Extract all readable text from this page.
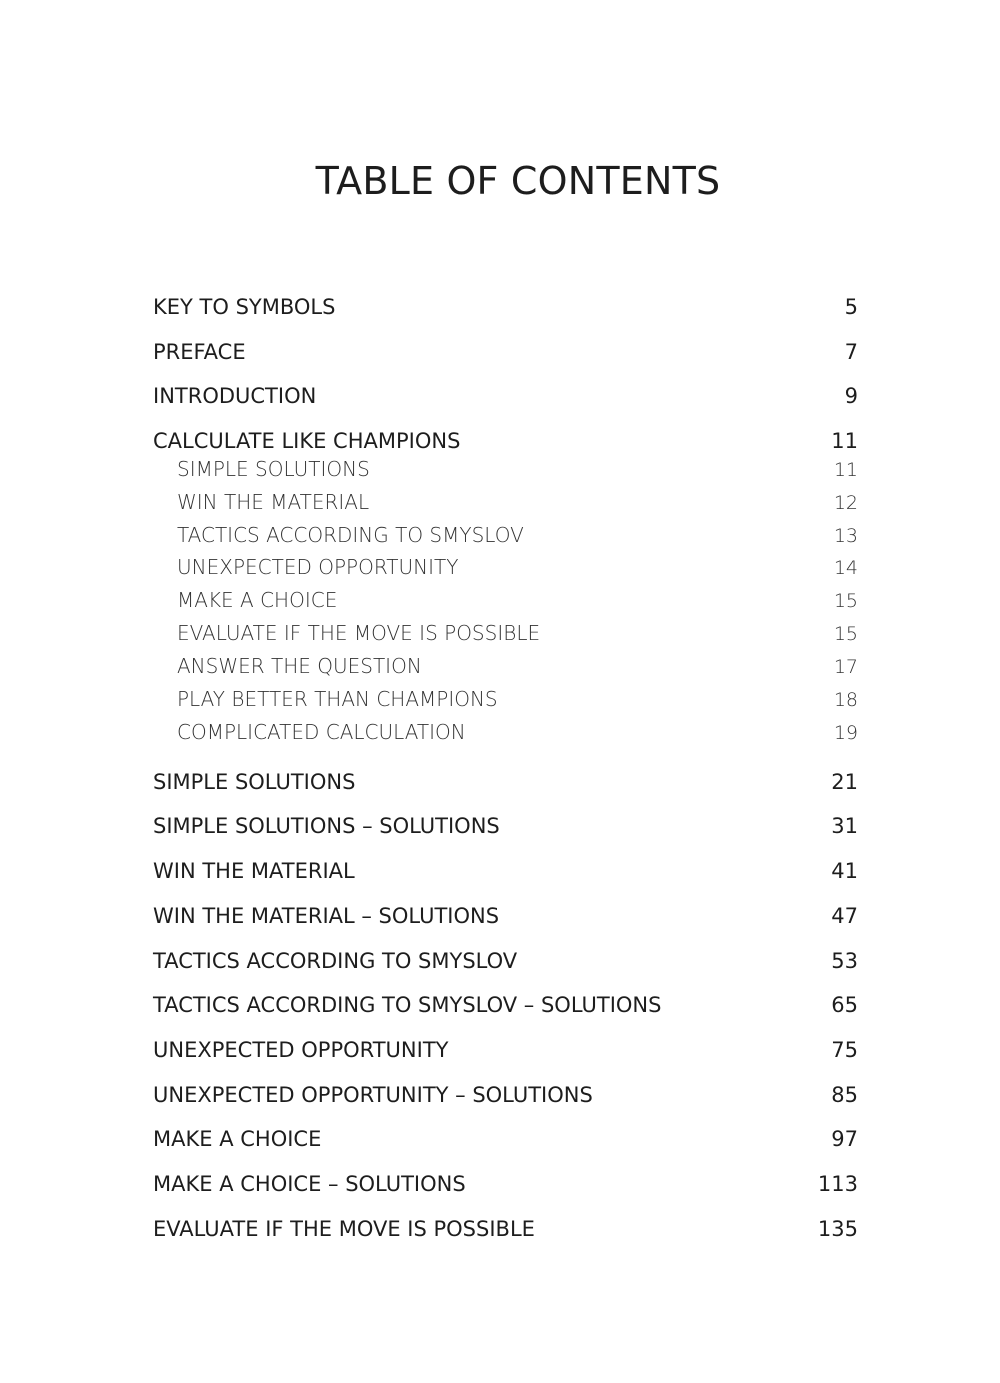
TABLE OF CONTENTS
KEY TO SYMBOLS	5
PREFACE	7
INTRODUCTION	9
CALCULATE LIKE CHAMPIONS	11
SIMPLE SOLUTIONS	11
WIN THE MATERIAL	12
TACTICS ACCORDING TO SMYSLOV	13
UNEXPECTED OPPORTUNITY	14
MAKE A CHOICE	15
EVALUATE IF THE MOVE IS POSSIBLE	15
ANSWER THE QUESTION	17
PLAY BETTER THAN CHAMPIONS	18
COMPLICATED CALCULATION	19
SIMPLE SOLUTIONS	21
SIMPLE SOLUTIONS – SOLUTIONS	31
WIN THE MATERIAL	41
WIN THE MATERIAL – SOLUTIONS	47
TACTICS ACCORDING TO SMYSLOV	53
TACTICS ACCORDING TO SMYSLOV – SOLUTIONS	65
UNEXPECTED OPPORTUNITY	75
UNEXPECTED OPPORTUNITY – SOLUTIONS	85
MAKE A CHOICE	97
MAKE A CHOICE – SOLUTIONS	113
EVALUATE IF THE MOVE IS POSSIBLE	135
